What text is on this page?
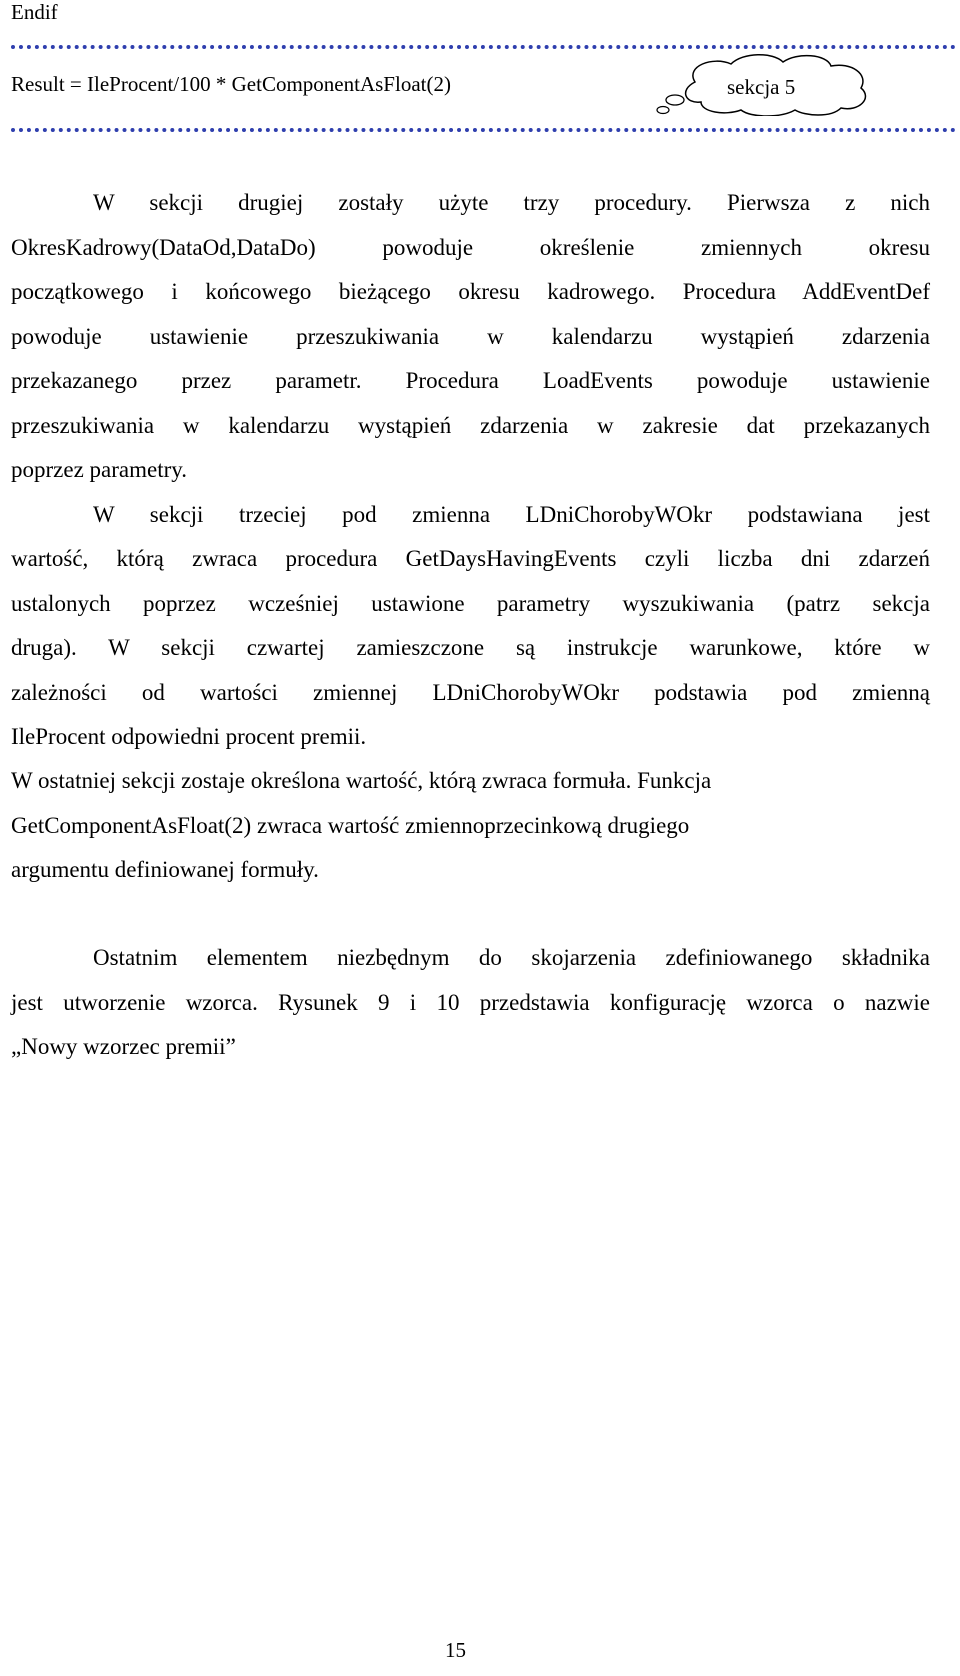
Endif
Result = IleProcent/100 * GetComponentAsFloat(2)	sekcja 5
W sekcji drugiej zostały użyte trzy procedury. Pierwsza z nich
OkresKadrowy(DataOd,DataDo) powoduje określenie zmiennych okresu
początkowego i końcowego bieżącego okresu kadrowego. Procedura AddEventDef
powoduje ustawienie przeszukiwania w kalendarzu wystąpień zdarzenia
przekazanego przez parametr. Procedura LoadEvents powoduje ustawienie
przeszukiwania w kalendarzu wystąpień zdarzenia w zakresie dat przekazanych
poprzez parametry.
W sekcji trzeciej pod zmienna LDniChorobyWOkr podstawiana jest
wartość, którą zwraca procedura GetDaysHavingEvents czyli liczba dni zdarzeń
ustalonych poprzez wcześniej ustawione parametry wyszukiwania (patrz sekcja
druga). W sekcji czwartej zamieszczone są instrukcje warunkowe, które w
zależności od wartości zmiennej LDniChorobyWOkr podstawia pod zmienną
IleProcent odpowiedni procent premii.
W ostatniej sekcji zostaje określona wartość, którą zwraca formuła. Funkcja
GetComponentAsFloat(2) zwraca wartość zmiennoprzecinkową drugiego
argumentu definiowanej formuły.
Ostatnim elementem niezbędnym do skojarzenia zdefiniowanego składnika
jest utworzenie wzorca. Rysunek 9 i 10 przedstawia konfigurację wzorca o nazwie
„Nowy wzorzec premii”
15
